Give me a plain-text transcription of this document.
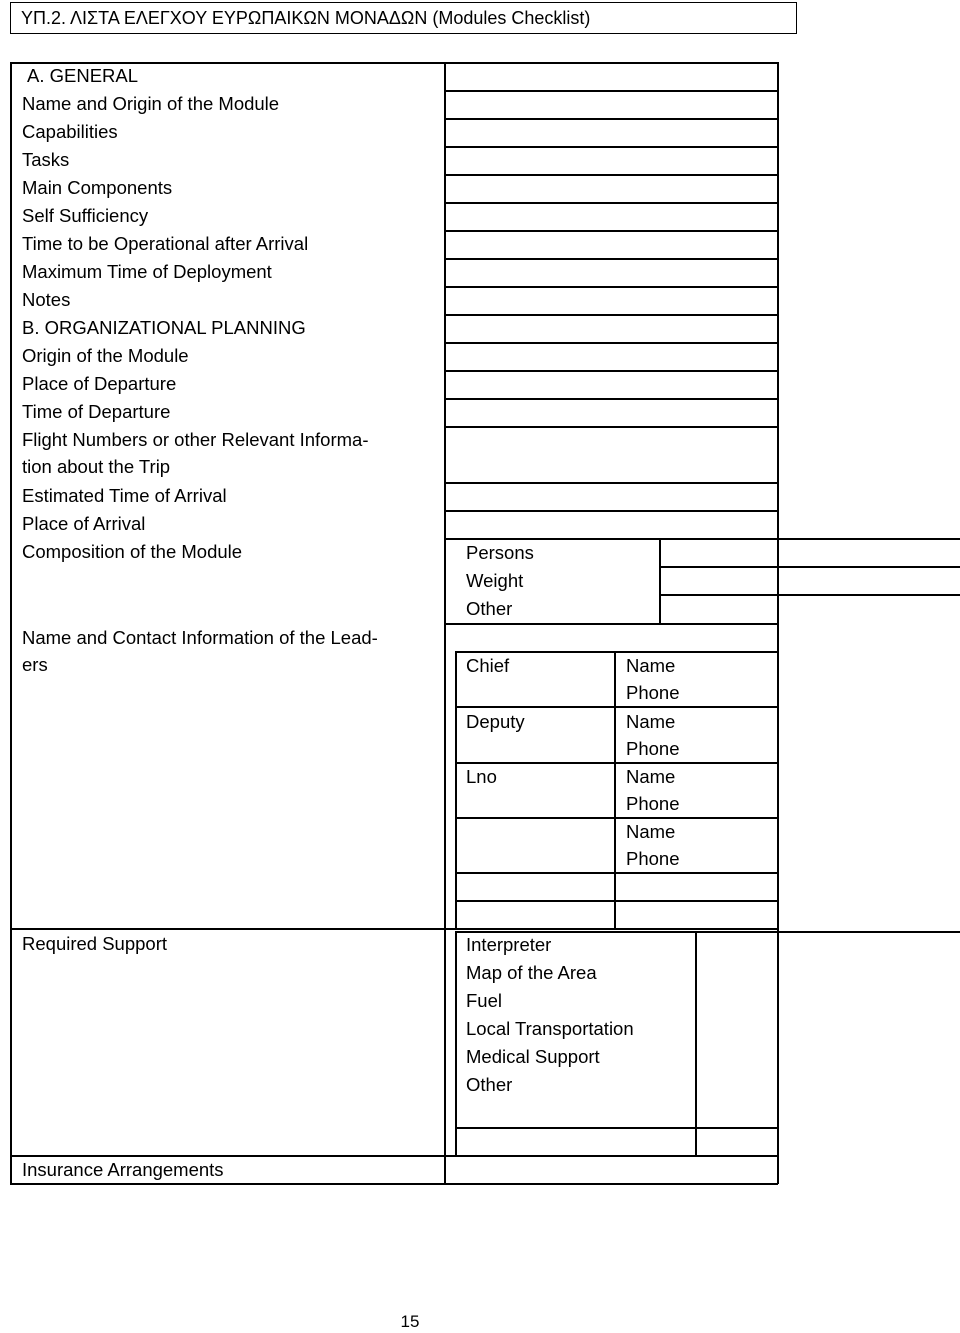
ΥΠ.2. ΛΙΣΤΑ ΕΛΕΓΧΟΥ ΕΥΡΩΠΑΙΚΩΝ ΜΟΝΑΔΩΝ (Modules Checklist)
A. GENERAL
Name and Origin of the Module
Capabilities
Tasks
Main Components
Self Sufficiency
Time to be Operational after Arrival
Maximum Time of Deployment
Notes
B. ORGANIZATIONAL PLANNING
Origin of the Module
Place of Departure
Time of Departure
Flight Numbers or other Relevant Informa-
tion about the Trip
Estimated Time of Arrival
Place of Arrival
Composition of the Module
Name and Contact Information of the Lead-
ers
Required Support
Insurance Arrangements
Persons
Weight
Other
Chief
Deputy
Lno
Name
Phone
Name
Phone
Name
Phone
Name
Phone
Interpreter
Map of the Area
Fuel
Local Transportation
Medical Support
Other
15
